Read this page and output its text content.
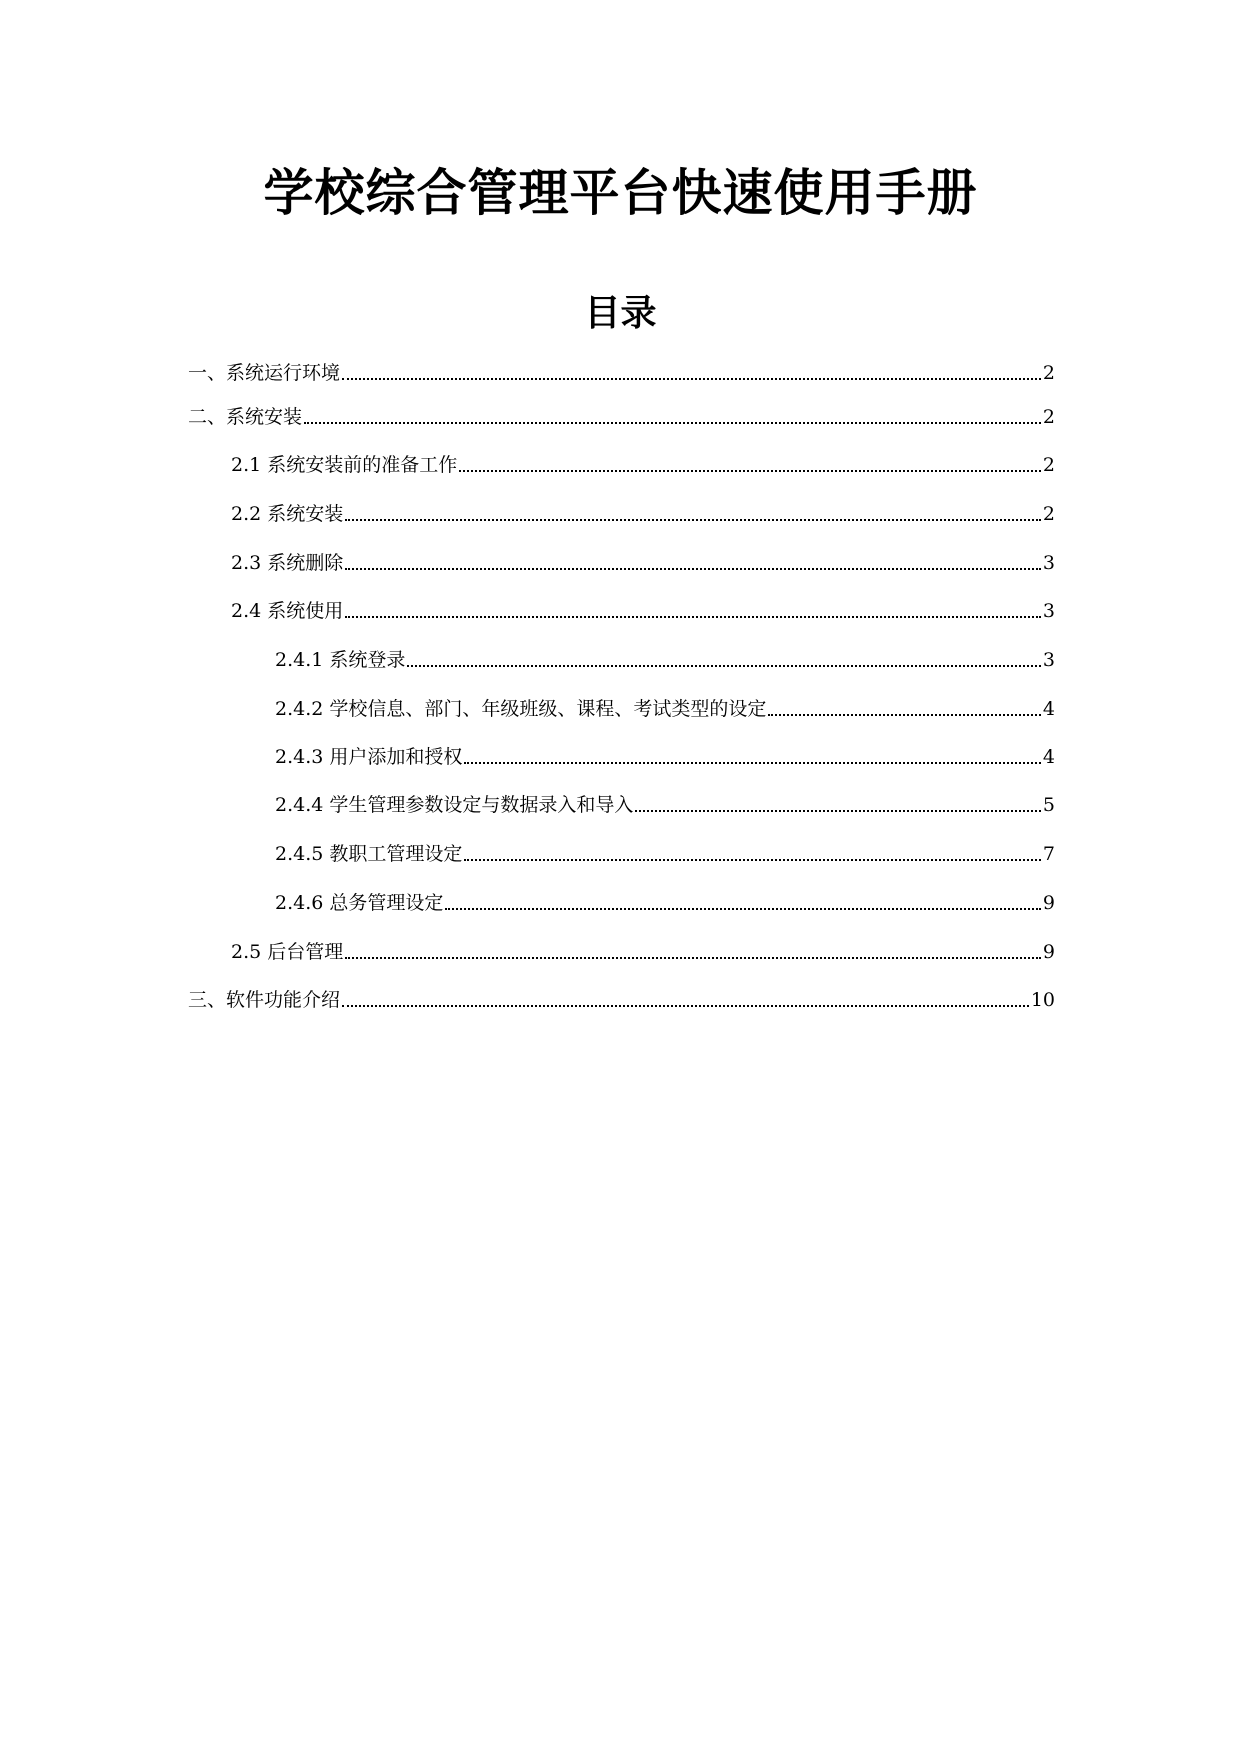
学校综合管理平台快速使用手册
目录
一、系统运行环境	2
二、系统安装	2
2.1 系统安装前的准备工作	2
2.2 系统安装	2
2.3 系统删除	3
2.4 系统使用	3
2.4.1 系统登录	3
2.4.2 学校信息、部门、年级班级、课程、考试类型的设定	4
2.4.3 用户添加和授权	4
2.4.4 学生管理参数设定与数据录入和导入	5
2.4.5 教职工管理设定	7
2.4.6 总务管理设定	9
2.5 后台管理	9
三、软件功能介绍	10
